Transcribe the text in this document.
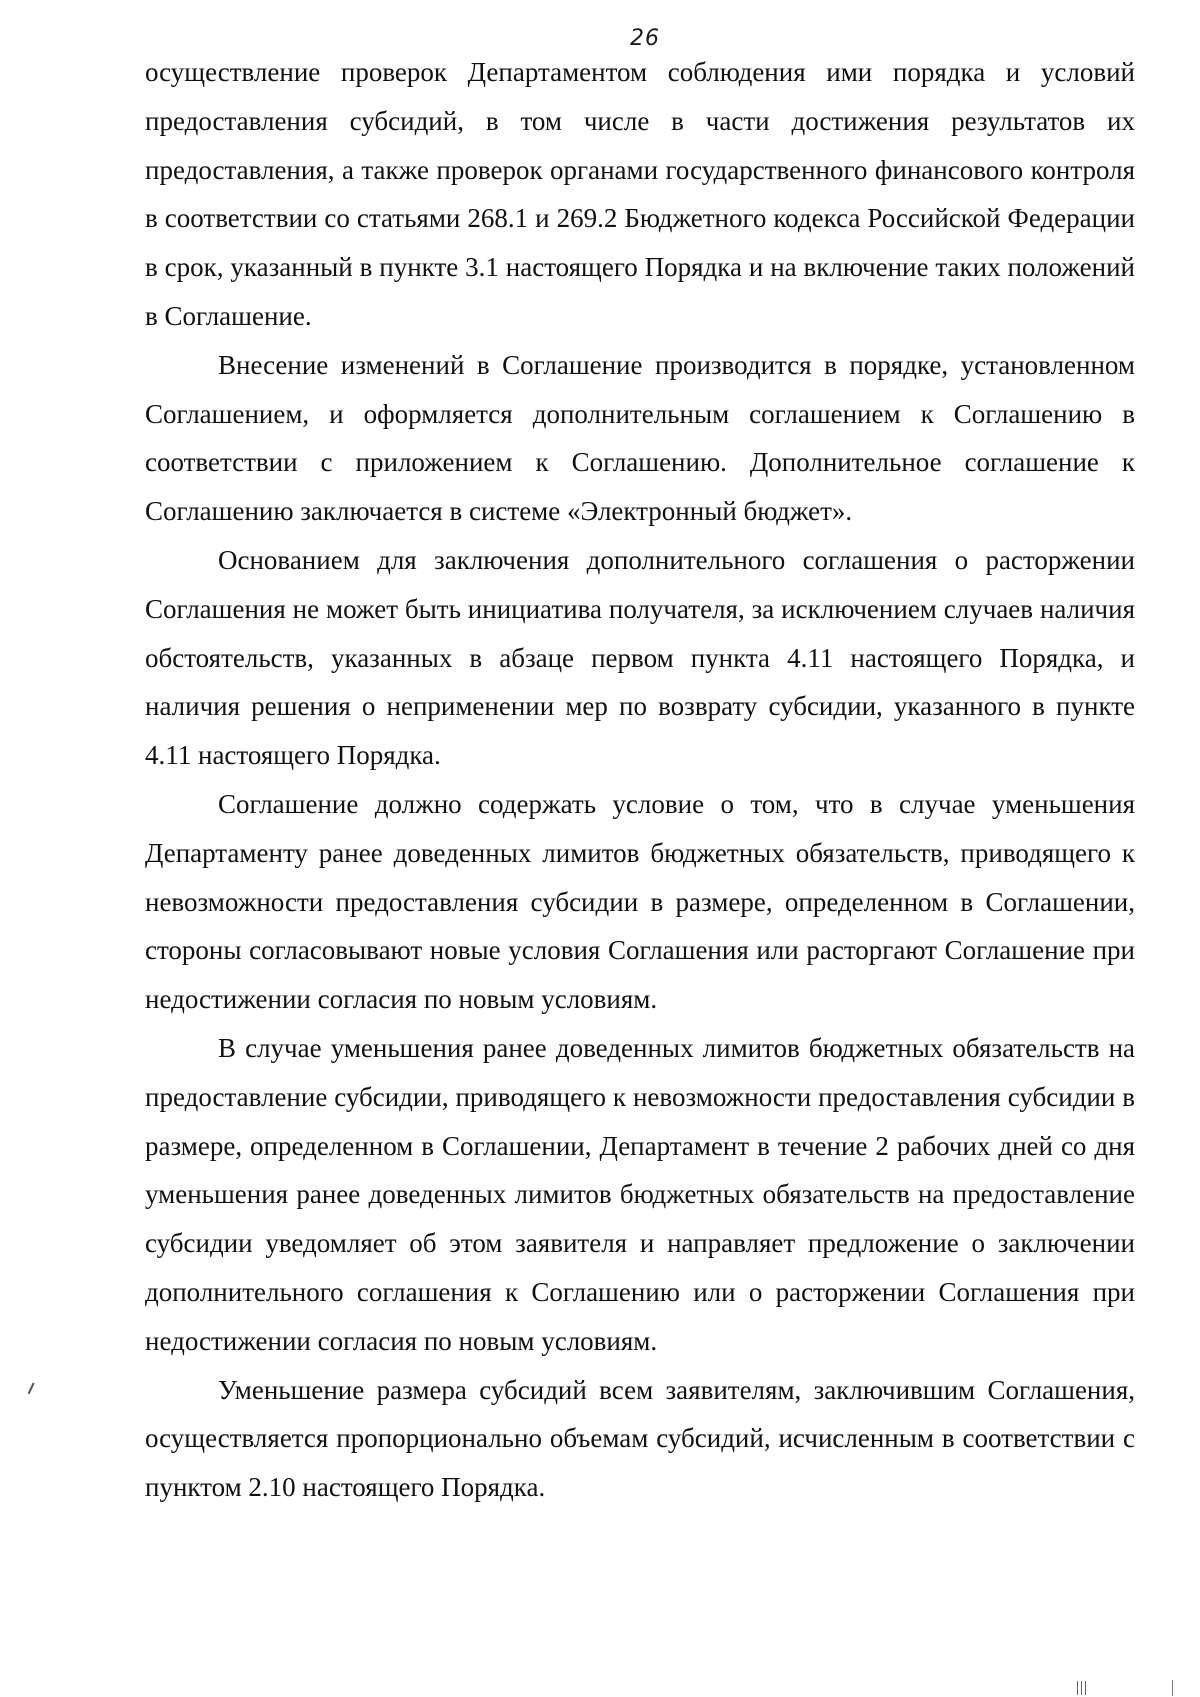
26

осуществление проверок Департаментом соблюдения ими порядка и условий предоставления субсидий, в том числе в части достижения результатов их предоставления, а также проверок органами государственного финансового контроля в соответствии со статьями 268.1 и 269.2 Бюджетного кодекса Российской Федерации в срок, указанный в пункте 3.1 настоящего Порядка и на включение таких положений в Соглашение.

Внесение изменений в Соглашение производится в порядке, установленном Соглашением, и оформляется дополнительным соглашением к Соглашению в соответствии с приложением к Соглашению. Дополнительное соглашение к Соглашению заключается в системе «Электронный бюджет».

Основанием для заключения дополнительного соглашения о расторжении Соглашения не может быть инициатива получателя, за исключением случаев наличия обстоятельств, указанных в абзаце первом пункта 4.11 настоящего Порядка, и наличия решения о неприменении мер по возврату субсидии, указанного в пункте 4.11 настоящего Порядка.

Соглашение должно содержать условие о том, что в случае уменьшения Департаменту ранее доведенных лимитов бюджетных обязательств, приводящего к невозможности предоставления субсидии в размере, определенном в Соглашении, стороны согласовывают новые условия Соглашения или расторгают Соглашение при недостижении согласия по новым условиям.

В случае уменьшения ранее доведенных лимитов бюджетных обязательств на предоставление субсидии, приводящего к невозможности предоставления субсидии в размере, определенном в Соглашении, Департамент в течение 2 рабочих дней со дня уменьшения ранее доведенных лимитов бюджетных обязательств на предоставление субсидии уведомляет об этом заявителя и направляет предложение о заключении дополнительного соглашения к Соглашению или о расторжении Соглашения при недостижении согласия по новым условиям.

Уменьшение размера субсидий всем заявителям, заключившим Соглашения, осуществляется пропорционально объемам субсидий, исчисленным в соответствии с пунктом 2.10 настоящего Порядка.
